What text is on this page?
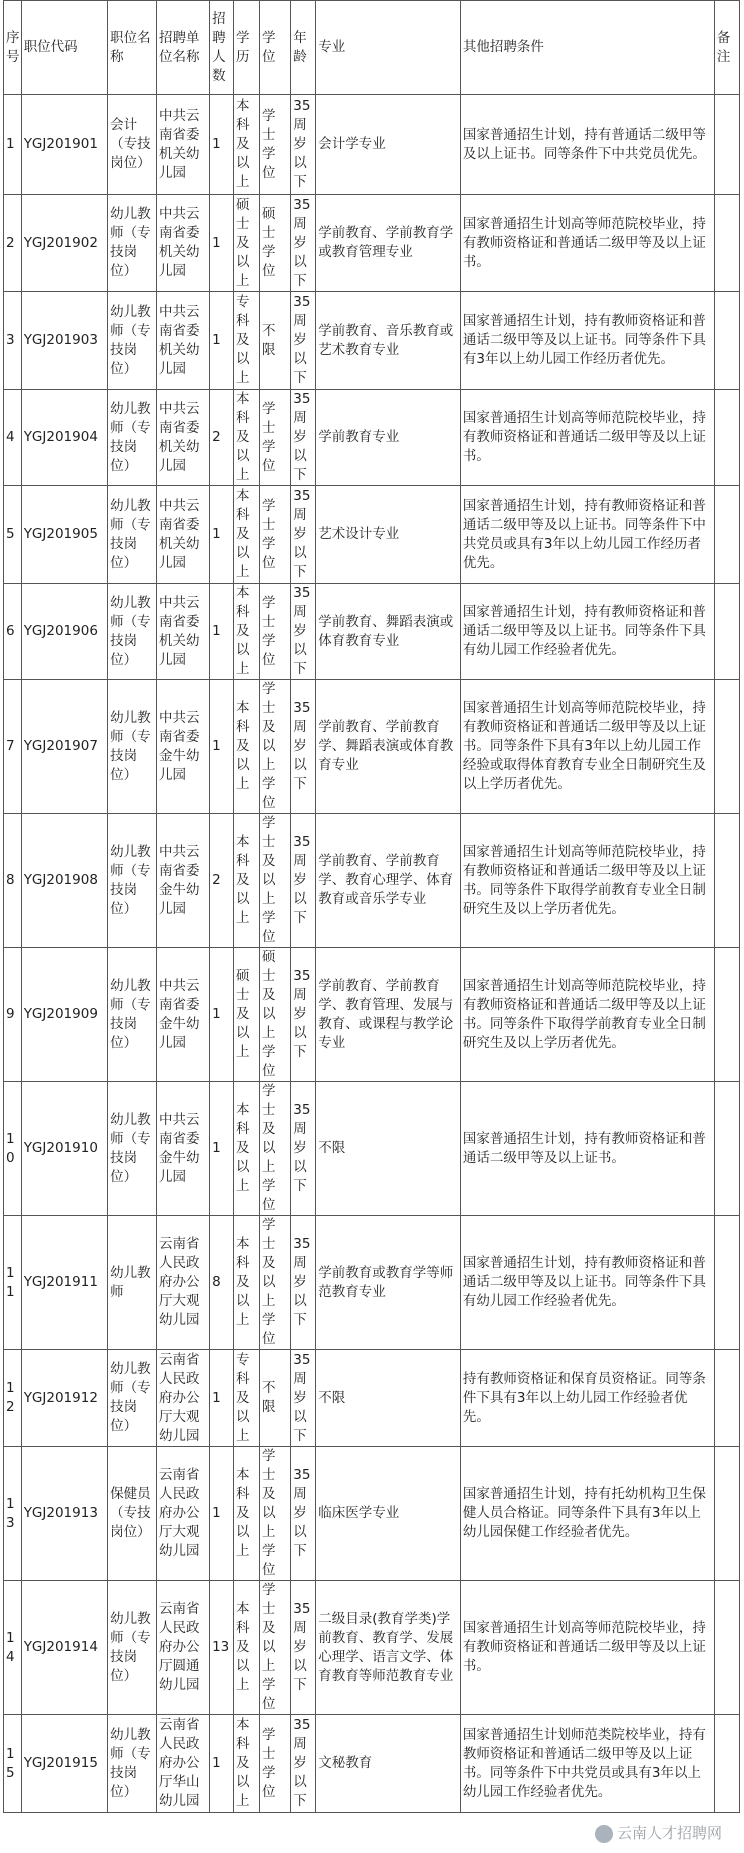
序号	职位代码	职位名称	招聘单位名称	招聘人数	学历	学位	年龄	专业	其他招聘条件	备注
1	YGJ201901	会计（专技岗位）	中共云南省委机关幼儿园	1	本科及以上	学士学位	35周岁以下	会计学专业	国家普通招生计划，持有普通话二级甲等及以上证书。同等条件下中共党员优先。	
2	YGJ201902	幼儿教师（专技岗位）	中共云南省委机关幼儿园	1	硕士及以上	硕士学位	35周岁以下	学前教育、学前教育学或教育管理专业	国家普通招生计划高等师范院校毕业，持有教师资格证和普通话二级甲等及以上证书。	
3	YGJ201903	幼儿教师（专技岗位）	中共云南省委机关幼儿园	1	专科及以上	不限	35周岁以下	学前教育、音乐教育或艺术教育专业	国家普通招生计划，持有教师资格证和普通话二级甲等及以上证书。同等条件下具有3年以上幼儿园工作经历者优先。	
4	YGJ201904	幼儿教师（专技岗位）	中共云南省委机关幼儿园	2	本科及以上	学士学位	35周岁以下	学前教育专业	国家普通招生计划高等师范院校毕业，持有教师资格证和普通话二级甲等及以上证书。	
5	YGJ201905	幼儿教师（专技岗位）	中共云南省委机关幼儿园	1	本科及以上	学士学位	35周岁以下	艺术设计专业	国家普通招生计划，持有教师资格证和普通话二级甲等及以上证书。同等条件下中共党员或具有3年以上幼儿园工作经历者优先。	
6	YGJ201906	幼儿教师（专技岗位）	中共云南省委机关幼儿园	1	本科及以上	学士学位	35周岁以下	学前教育、舞蹈表演或体育教育专业	国家普通招生计划，持有教师资格证和普通话二级甲等及以上证书。同等条件下具有幼儿园工作经验者优先。	
7	YGJ201907	幼儿教师（专技岗位）	中共云南省委金牛幼儿园	1	本科及以上	学士及以上学位	35周岁以下	学前教育、学前教育学、舞蹈表演或体育教育专业	国家普通招生计划高等师范院校毕业，持有教师资格证和普通话二级甲等及以上证书。同等条件下具有3年以上幼儿园工作经验或取得体育教育专业全日制研究生及以上学历者优先。	
8	YGJ201908	幼儿教师（专技岗位）	中共云南省委金牛幼儿园	2	本科及以上	学士及以上学位	35周岁以下	学前教育、学前教育学、教育心理学、体育教育或音乐学专业	国家普通招生计划高等师范院校毕业，持有教师资格证和普通话二级甲等及以上证书。同等条件下取得学前教育专业全日制研究生及以上学历者优先。	
9	YGJ201909	幼儿教师（专技岗位）	中共云南省委金牛幼儿园	1	硕士及以上	硕士及以上学位	35周岁以下	学前教育、学前教育学、教育管理、发展与教育、或课程与教学论专业	国家普通招生计划高等师范院校毕业，持有教师资格证和普通话二级甲等及以上证书。同等条件下取得学前教育专业全日制研究生及以上学历者优先。	
10	YGJ201910	幼儿教师（专技岗位）	中共云南省委金牛幼儿园	1	本科及以上	学士及以上学位	35周岁以下	不限	国家普通招生计划，持有教师资格证和普通话二级甲等及以上证书。	
11	YGJ201911	幼儿教师	云南省人民政府办公厅大观幼儿园	8	本科及以上	学士及以上学位	35周岁以下	学前教育或教育学等师范教育专业	国家普通招生计划，持有教师资格证和普通话二级甲等及以上证书。同等条件下具有幼儿园工作经验者优先。	
12	YGJ201912	幼儿教师（专技岗位）	云南省人民政府办公厅大观幼儿园	1	专科及以上	不限	35周岁以下	不限	持有教师资格证和保育员资格证。同等条件下具有3年以上幼儿园工作经验者优先。	
13	YGJ201913	保健员（专技岗位）	云南省人民政府办公厅大观幼儿园	1	本科及以上	学士及以上学位	35周岁以下	临床医学专业	国家普通招生计划，持有托幼机构卫生保健人员合格证。同等条件下具有3年以上幼儿园保健工作经验者优先。	
14	YGJ201914	幼儿教师（专技岗位）	云南省人民政府办公厅圆通幼儿园	13	本科及以上	学士及以上学位	35周岁以下	二级目录(教育学类)学前教育、教育学、发展心理学、语言文学、体育教育等师范教育专业	国家普通招生计划高等师范院校毕业，持有教师资格证和普通话二级甲等及以上证书。	
15	YGJ201915	幼儿教师（专技岗位）	云南省人民政府办公厅华山幼儿园	1	本科及以上	学士学位	35周岁以下	文秘教育	国家普通招生计划师范类院校毕业，持有教师资格证和普通话二级甲等及以上证书。同等条件下中共党员或具有3年以上幼儿园工作经验者优先。	
云南人才招聘网
